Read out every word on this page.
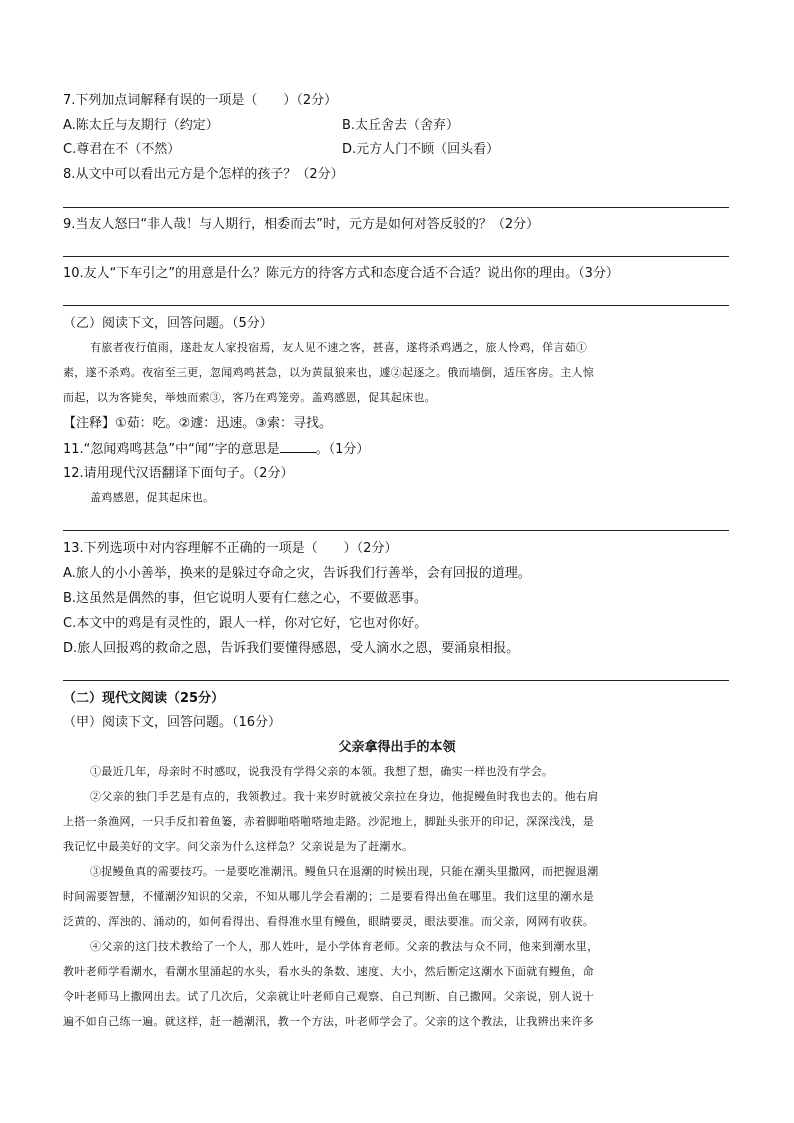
7.下列加点词解释有误的一项是（　　）（2分）
A.陈太丘与友期行（约定）	B.太丘舍去（舍弃）
C.尊君在不（不然）	D.元方人门不顾（回头看）
8.从文中可以看出元方是个怎样的孩子？（2分）
9.当友人怒曰“非人哉！与人期行，相委而去”时，元方是如何对答反驳的？（2分）
10.友人“下车引之”的用意是什么？陈元方的待客方式和态度合适不合适？说出你的理由。（3分）
（乙）阅读下文，回答问题。（5分）
有旅者夜行值雨，遂赴友人家投宿焉，友人见不速之客，甚喜，遂将杀鸡遇之，旅人怜鸡，佯言茹①
素，遂不杀鸡。夜宿至三更，忽闻鸡鸣甚急，以为黄鼠狼来也，遽②起逐之。俄而墙倒，适压客房。主人惊
而起，以为客毙矣，举烛而索③，客乃在鸡笼旁。盖鸡感恩，促其起床也。
【注释】①茹：吃。②遽：迅速。③索：寻找。
11.“忽闻鸡鸣甚急”中“闻”字的意思是	。（1分）
12.请用现代汉语翻译下面句子。（2分）
盖鸡感恩，促其起床也。
13.下列选项中对内容理解不正确的一项是（　　）（2分）
A.旅人的小小善举，换来的是躲过夺命之灾，告诉我们行善举，会有回报的道理。
B.这虽然是偶然的事，但它说明人要有仁慈之心，不要做恶事。
C.本文中的鸡是有灵性的，跟人一样，你对它好，它也对你好。
D.旅人回报鸡的救命之恩，告诉我们要懂得感恩，受人滴水之恩，要涌泉相报。
（二）现代文阅读（25分）
（甲）阅读下文，回答问题。（16分）
父亲拿得出手的本领
①最近几年，母亲时不时感叹，说我没有学得父亲的本领。我想了想，确实一样也没有学会。
②父亲的独门手艺是有点的，我领教过。我十来岁时就被父亲拉在身边，他捉鳗鱼时我也去的。他右肩
上搭一条渔网，一只手反扣着鱼篓，赤着脚啪嗒啪嗒地走路。沙泥地上，脚趾头张开的印记，深深浅浅，是
我记忆中最美好的文字。问父亲为什么这样急？父亲说是为了赶潮水。
③捉鳗鱼真的需要技巧。一是要吃准潮汛。鳗鱼只在退潮的时候出现，只能在潮头里撒网，而把握退潮
时间需要智慧，不懂潮汐知识的父亲，不知从哪儿学会看潮的；二是要看得出鱼在哪里。我们这里的潮水是
泛黄的、浑浊的、涌动的，如何看得出、看得准水里有鳗鱼，眼睛要灵，眼法要准。而父亲，网网有收获。
④父亲的这门技术教给了一个人，那人姓叶，是小学体育老师。父亲的教法与众不同，他来到潮水里，
教叶老师学看潮水，看潮水里涌起的水头，看水头的条数、速度、大小，然后断定这潮水下面就有鳗鱼，命
令叶老师马上撒网出去。试了几次后，父亲就让叶老师自己观察、自己判断、自己撒网。父亲说，别人说十
遍不如自己练一遍。就这样，赶一趟潮汛，教一个方法，叶老师学会了。父亲的这个教法，让我辨出来许多
